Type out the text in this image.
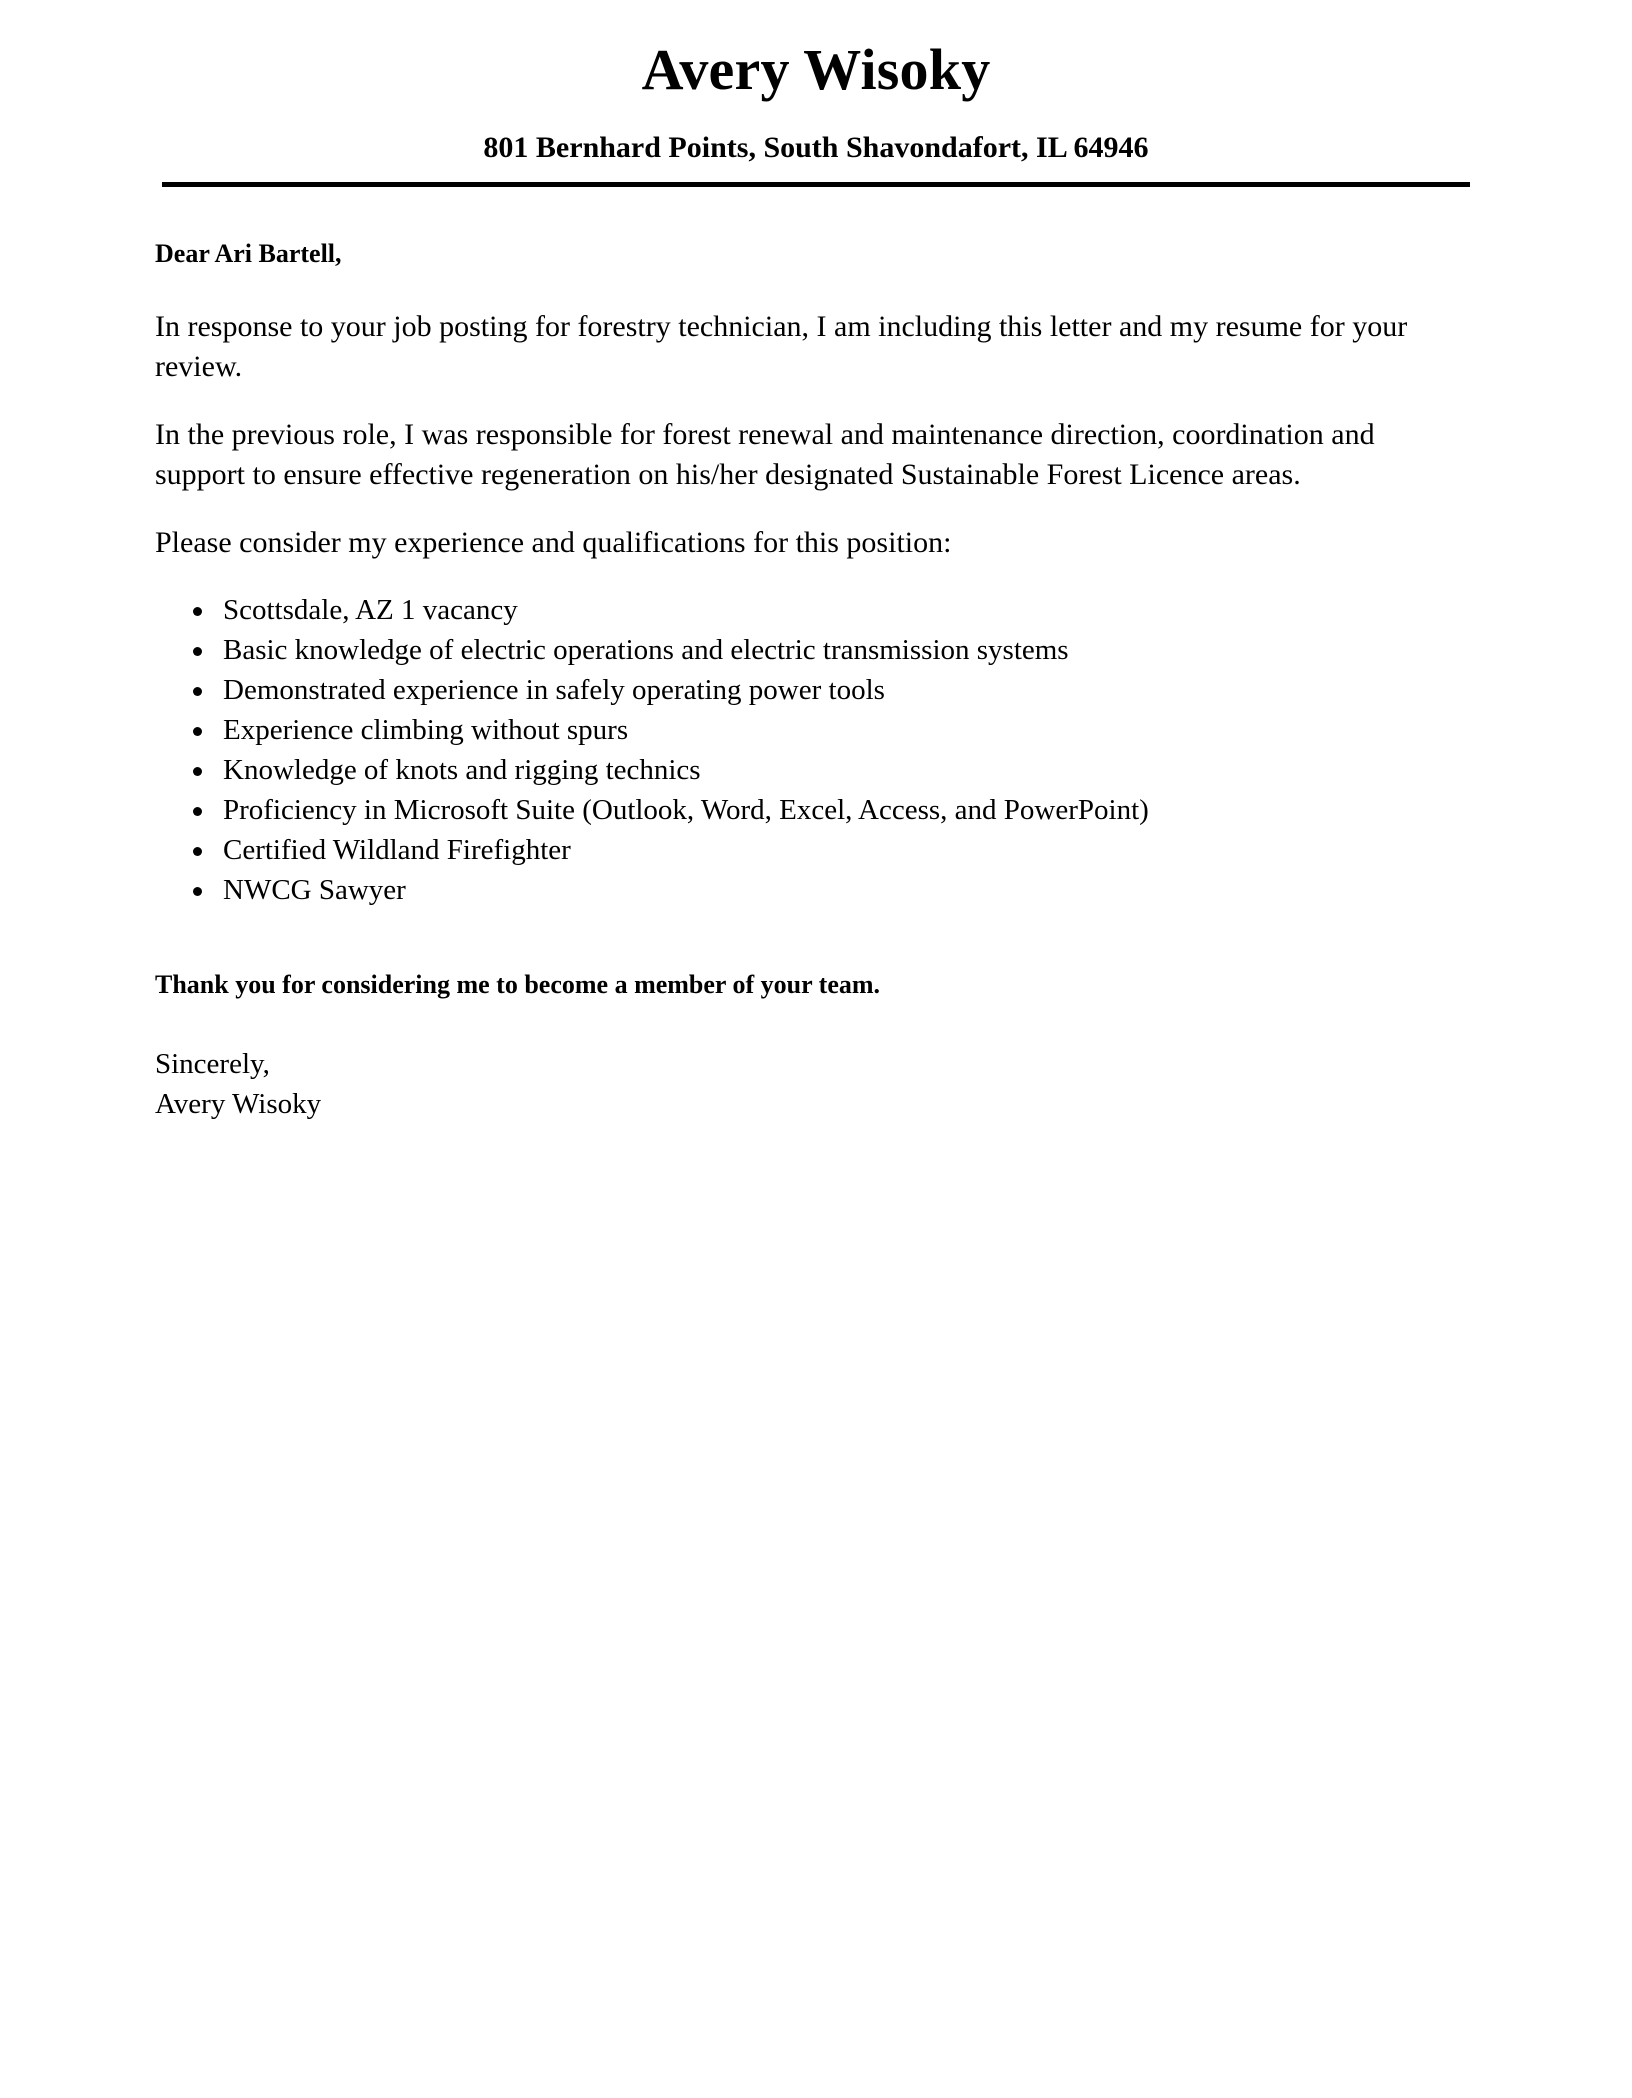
Avery Wisoky
801 Bernhard Points, South Shavondafort, IL 64946

Dear Ari Bartell,

In response to your job posting for forestry technician, I am including this letter and my resume for your review.

In the previous role, I was responsible for forest renewal and maintenance direction, coordination and support to ensure effective regeneration on his/her designated Sustainable Forest Licence areas.

Please consider my experience and qualifications for this position:

Scottsdale, AZ 1 vacancy
Basic knowledge of electric operations and electric transmission systems
Demonstrated experience in safely operating power tools
Experience climbing without spurs
Knowledge of knots and rigging technics
Proficiency in Microsoft Suite (Outlook, Word, Excel, Access, and PowerPoint)
Certified Wildland Firefighter
NWCG Sawyer

Thank you for considering me to become a member of your team.

Sincerely,
Avery Wisoky
